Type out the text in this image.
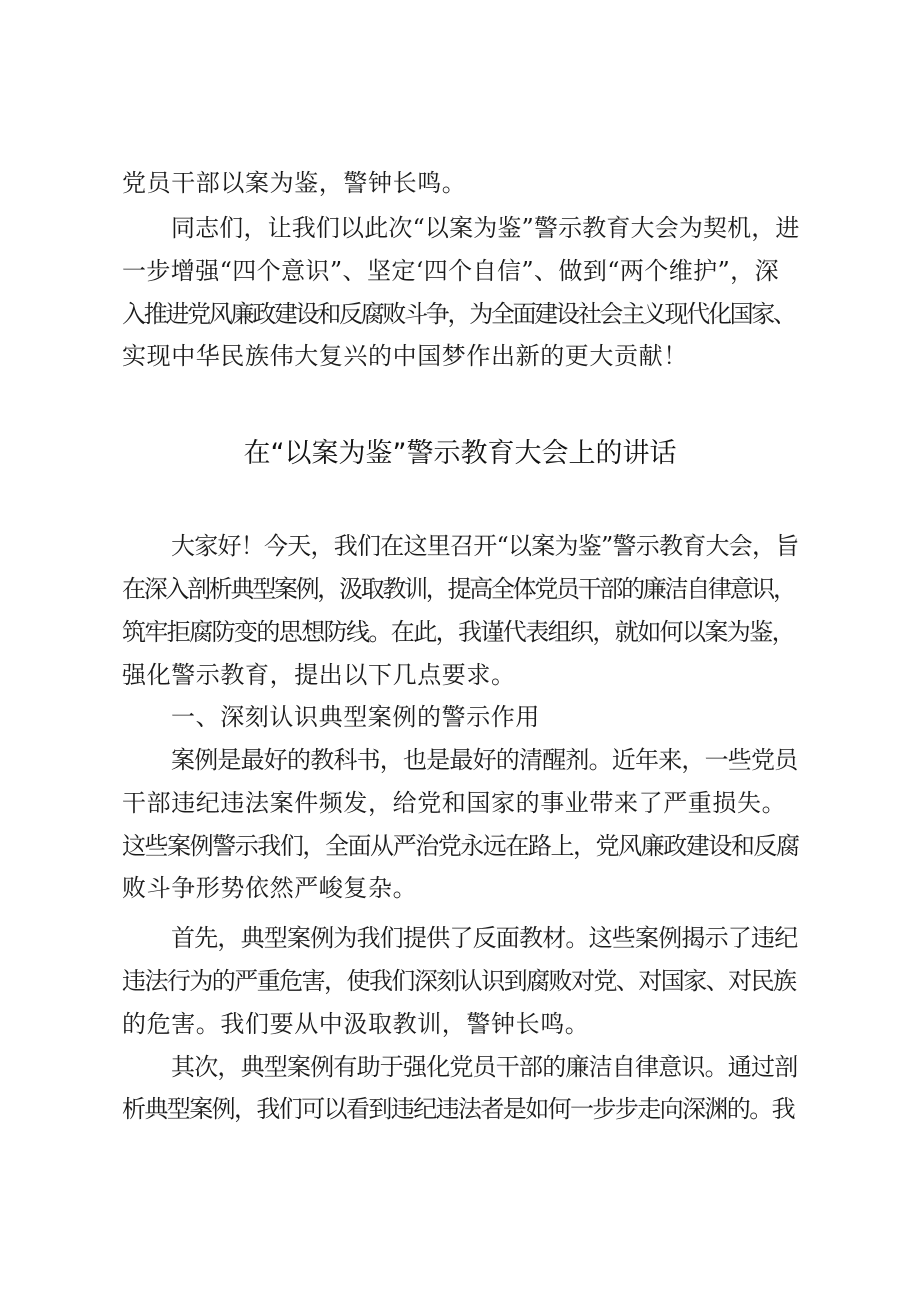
党员干部以案为鉴，警钟长鸣。
同志们，让我们以此次“以案为鉴”警示教育大会为契机，进
一步增强“四个意识”、坚定‘四个自信”、做到“两个维护”，深
入推进党风廉政建设和反腐败斗争，为全面建设社会主义现代化国家、
实现中华民族伟大复兴的中国梦作出新的更大贡献！
在“以案为鉴”警示教育大会上的讲话
大家好！今天，我们在这里召开“以案为鉴”警示教育大会，旨
在深入剖析典型案例，汲取教训，提高全体党员干部的廉洁自律意识，
筑牢拒腐防变的思想防线。在此，我谨代表组织，就如何以案为鉴，
强化警示教育，提出以下几点要求。
一、深刻认识典型案例的警示作用
案例是最好的教科书，也是最好的清醒剂。近年来，一些党员
干部违纪违法案件频发，给党和国家的事业带来了严重损失。
这些案例警示我们，全面从严治党永远在路上，党风廉政建设和反腐
败斗争形势依然严峻复杂。
首先，典型案例为我们提供了反面教材。这些案例揭示了违纪
违法行为的严重危害，使我们深刻认识到腐败对党、对国家、对民族
的危害。我们要从中汲取教训，警钟长鸣。
其次，典型案例有助于强化党员干部的廉洁自律意识。通过剖
析典型案例，我们可以看到违纪违法者是如何一步步走向深渊的。我
